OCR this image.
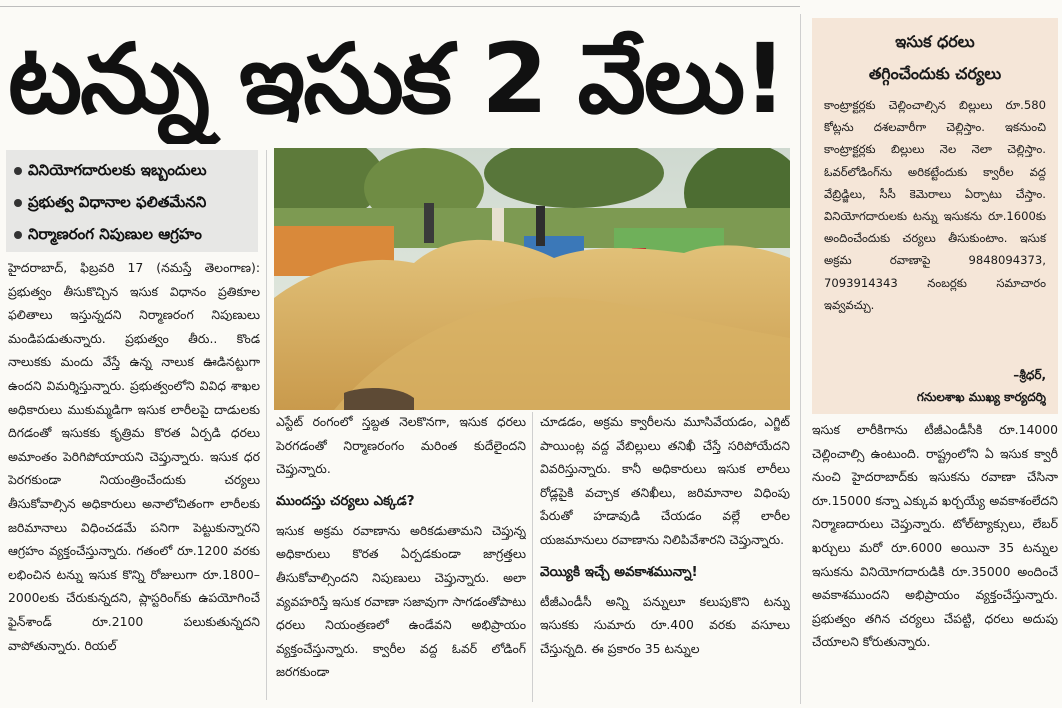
టన్ను ఇసుక 2 వేలు!
వినియోగదారులకు ఇబ్బందులు
ప్రభుత్వ విధానాల ఫలితమేనని
నిర్మాణరంగ నిపుణుల ఆగ్రహం

హైదరాబాద్, ఫిబ్రవరి 17 (నమస్తే తెలంగాణ): ప్రభుత్వం తీసుకొచ్చిన ఇసుక విధానం ప్రతికూల ఫలితాలు ఇస్తున్నదని నిర్మాణరంగ నిపుణులు మండిపడుతున్నారు. ప్రభుత్వం తీరు.. కొండ నాలుకకు మందు వేస్తే ఉన్న నాలుక ఊడినట్టుగా ఉందని విమర్శిస్తున్నారు. ప్రభుత్వంలోని వివిధ శాఖల అధికారులు ముకుమ్మడిగా ఇసుక లారీలపై దాడులకు దిగడంతో ఇసుకకు కృత్రిమ కొరత ఏర్పడి ధరలు అమాంతం పెరిగిపోయాయని చెప్తున్నారు. ఇసుక ధర పెరగకుండా నియంత్రించేందుకు చర్యలు తీసుకోవాల్సిన అధికారులు అనాలోచితంగా లారీలకు జరిమానాలు విధించడమే పనిగా పెట్టుకున్నారని ఆగ్రహం వ్యక్తంచేస్తున్నారు. గతంలో రూ.1200 వరకు లభించిన టన్ను ఇసుక కొన్ని రోజులుగా రూ.1800–2000లకు చేరుకున్నదని, ప్లాస్టరింగ్‌కు ఉపయోగించే ఫైన్‌శాండ్ రూ.2100 పలుకుతున్నదని వాపోతున్నారు. రియల్

ఎస్టేట్ రంగంలో స్తబ్దత నెలకొనగా, ఇసుక ధరలు పెరగడంతో నిర్మాణరంగం మరింత కుదేలైందని చెప్తున్నారు.

ముందస్తు చర్యలు ఎక్కడ?

ఇసుక అక్రమ రవాణాను అరికడుతామని చెప్తున్న అధికారులు కొరత ఏర్పడకుండా జాగ్రత్తలు తీసుకోవాల్సిందని నిపుణులు చెప్తున్నారు. అలా వ్యవహరిస్తే ఇసుక రవాణా సజావుగా సాగడంతోపాటు ధరలు నియంత్రణలో ఉండేవని అభిప్రాయం వ్యక్తంచేస్తున్నారు. క్వారీల వద్ద ఓవర్ లోడింగ్ జరగకుండా

చూడడం, అక్రమ క్వారీలను మూసివేయడం, ఎగ్జిట్ పాయింట్ల వద్ద వేబిల్లులు తనిఖీ చేస్తే సరిపోయేదని వివరిస్తున్నారు. కానీ అధికారులు ఇసుక లారీలు రోడ్లపైకి వచ్చాక తనిఖీలు, జరిమానాల విధింపు పేరుతో హడావుడి చేయడం వల్లే లారీల యజమానులు రవాణాను నిలిపివేశారని చెప్తున్నారు.

వెయ్యికి ఇచ్చే అవకాశమున్నా!

టీజీఎండీసీ అన్ని పన్నులూ కలుపుకొని టన్ను ఇసుకకు సుమారు రూ.400 వరకు వసూలు చేస్తున్నది. ఈ ప్రకారం 35 టన్నుల

ఇసుక ధరలు
తగ్గించేందుకు చర్యలు
కాంట్రాక్టర్లకు చెల్లించాల్సిన బిల్లులు రూ.580 కోట్లను దశలవారీగా చెల్లిస్తాం. ఇకనుంచి కాంట్రాక్టర్లకు బిల్లులు నెల నెలా చెల్లిస్తాం. ఓవర్‌లోడింగ్‌ను అరికట్టేందుకు క్వారీల వద్ద వేబ్రిడ్జిలు, సీసీ కెమెరాలు ఏర్పాటు చేస్తాం. వినియోగదారులకు టన్ను ఇసుకను రూ.1600కు అందించేందుకు చర్యలు తీసుకుంటాం. ఇసుక అక్రమ రవాణాపై 9848094373, 7093914343 నంబర్లకు సమాచారం ఇవ్వవచ్చు.
–శ్రీధర్,
గనులశాఖ ముఖ్య కార్యదర్శి

ఇసుక లారీకిగాను టీజీఎండీసీకి రూ.14000 చెల్లించాల్సి ఉంటుంది. రాష్ట్రంలోని ఏ ఇసుక క్వారీ నుంచి హైదరాబాద్‌కు ఇసుకను రవాణా చేసినా రూ.15000 కన్నా ఎక్కువ ఖర్చయ్యే అవకాశంలేదని నిర్మాణదారులు చెప్తున్నారు. టోల్‌ట్యాక్సులు, లేబర్ ఖర్చులు మరో రూ.6000 అయినా 35 టన్నుల ఇసుకను వినియోగదారుడికి రూ.35000 అందించే అవకాశముందని అభిప్రాయం వ్యక్తంచేస్తున్నారు. ప్రభుత్వం తగిన చర్యలు చేపట్టి, ధరలు అదుపు చేయాలని కోరుతున్నారు.
